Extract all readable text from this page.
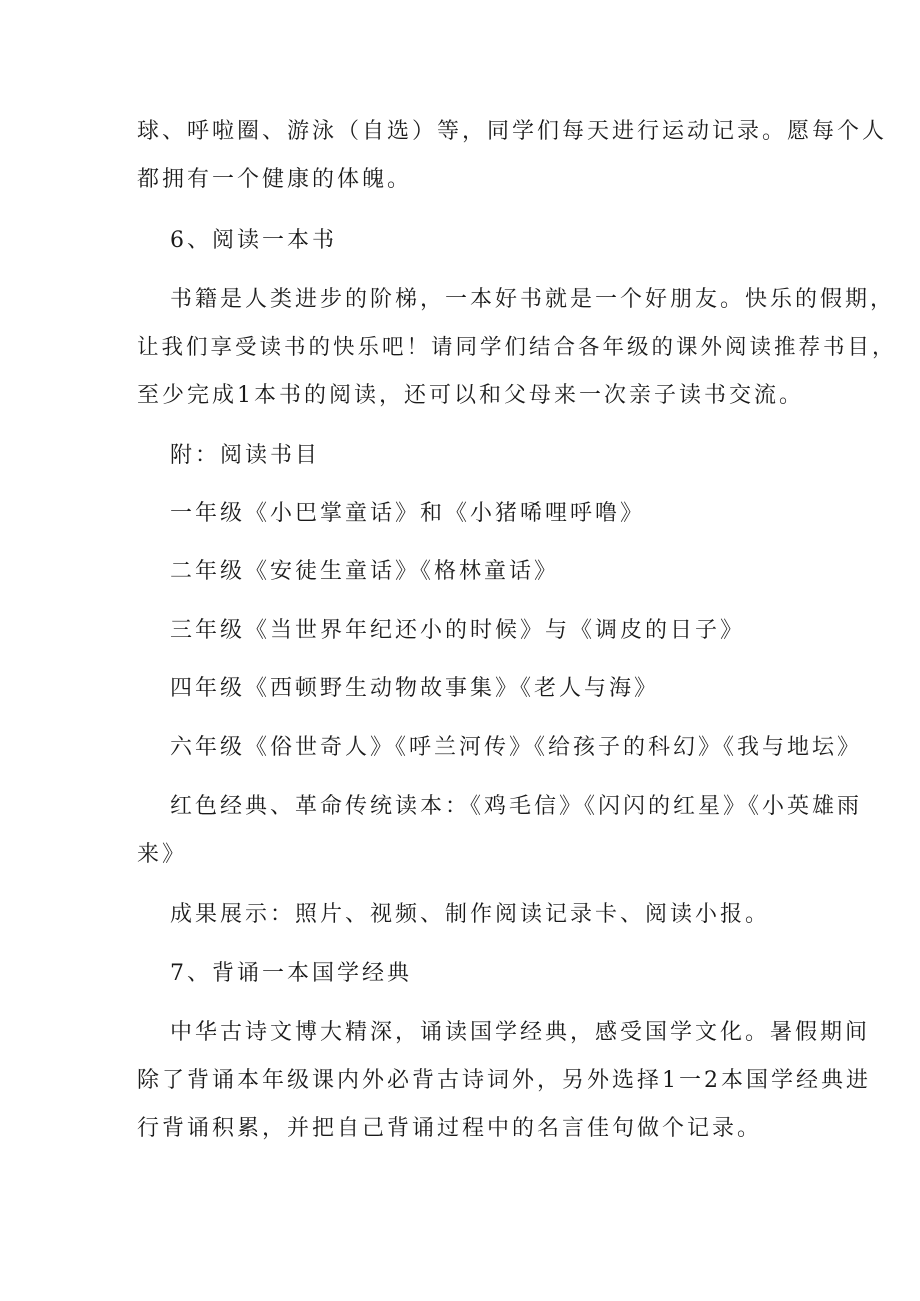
球、呼啦圈、游泳（自选）等，同学们每天进行运动记录。愿每个人
都拥有一个健康的体魄。
6、阅读一本书
书籍是人类进步的阶梯，一本好书就是一个好朋友。快乐的假期，
让我们享受读书的快乐吧！请同学们结合各年级的课外阅读推荐书目，
至少完成1本书的阅读，还可以和父母来一次亲子读书交流。
附：阅读书目
一年级《小巴掌童话》和《小猪唏哩呼噜》
二年级《安徒生童话》《格林童话》
三年级《当世界年纪还小的时候》与《调皮的日子》
四年级《西顿野生动物故事集》《老人与海》
六年级《俗世奇人》《呼兰河传》《给孩子的科幻》《我与地坛》
红色经典、革命传统读本：《鸡毛信》《闪闪的红星》《小英雄雨
来》
成果展示：照片、视频、制作阅读记录卡、阅读小报。
7、背诵一本国学经典
中华古诗文博大精深，诵读国学经典，感受国学文化。暑假期间
除了背诵本年级课内外必背古诗词外，另外选择1一2本国学经典进
行背诵积累，并把自己背诵过程中的名言佳句做个记录。
